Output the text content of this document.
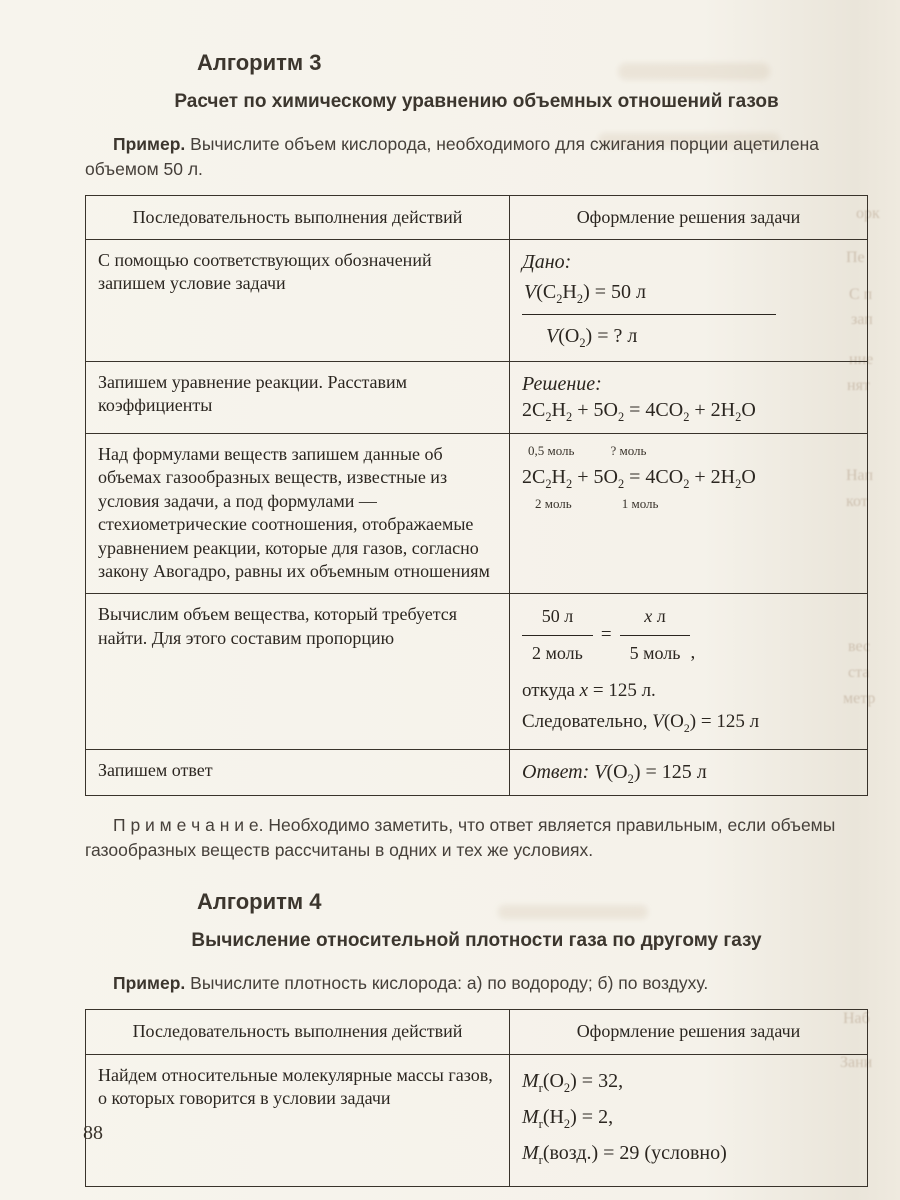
орк
Пе
С п
зап
ние
нят
Нап
кот
вес
ста
метр
Наб
Зани
Алгоритм 3
Расчет по химическому уравнению объемных отношений газов

Пример. Вычислите объем кислорода, необходимого для сжигания порции ацетилена объемом 50 л.

Последовательность выполнения действий	Оформление решения задачи
С помощью соответствующих обозначений запишем условие задачи	Дано:
$V(C_2H_2) = 50$ л
$V(O_2)$ = ? л

Запишем уравнение реакции. Расставим коэффициенты	Решение:
$2C_2H_2 + 5O_2 = 4CO_2 + 2H_2O$

Над формулами веществ запишем данные об объемах газообразных веществ, известные из условия задачи, а под формулами — стехиометрические соотношения, отображаемые уравнением реакции, которые для газов, согласно закону Авогадро, равны их объемным отношениям	
0,5 моль	? моль
$2C_2H_2 + 5O_2 = 4CO_2 + 2H_2O$
2 моль	1 моль

Вычислим объем вещества, который требуется найти. Для этого составим пропорцию	$\frac{50 л}{\text{2 моль}} = \frac{\text{x л}}{\text{5 моль}}$ ,
откуда x = 125 л.
Следовательно, $V(O_2) = 125$ л

Запишем ответ	Ответ: $V(O_2) = 125$ л

П р и м е ч а н и е. Необходимо заметить, что ответ является правильным, если объемы газообразных веществ рассчитаны в одних и тех же условиях.

Алгоритм 4
Вычисление относительной плотности газа по другому газу

Пример. Вычислите плотность кислорода: а) по водороду; б) по воздуху.

Последовательность выполнения действий	Оформление решения задачи
Найдем относительные молекулярные массы газов, о которых говорится в условии задачи	$M_r(O_2) = 32$,
$M_r(H_2) = 2$,
$M_r(возд.) = 29$ (условно)
88
